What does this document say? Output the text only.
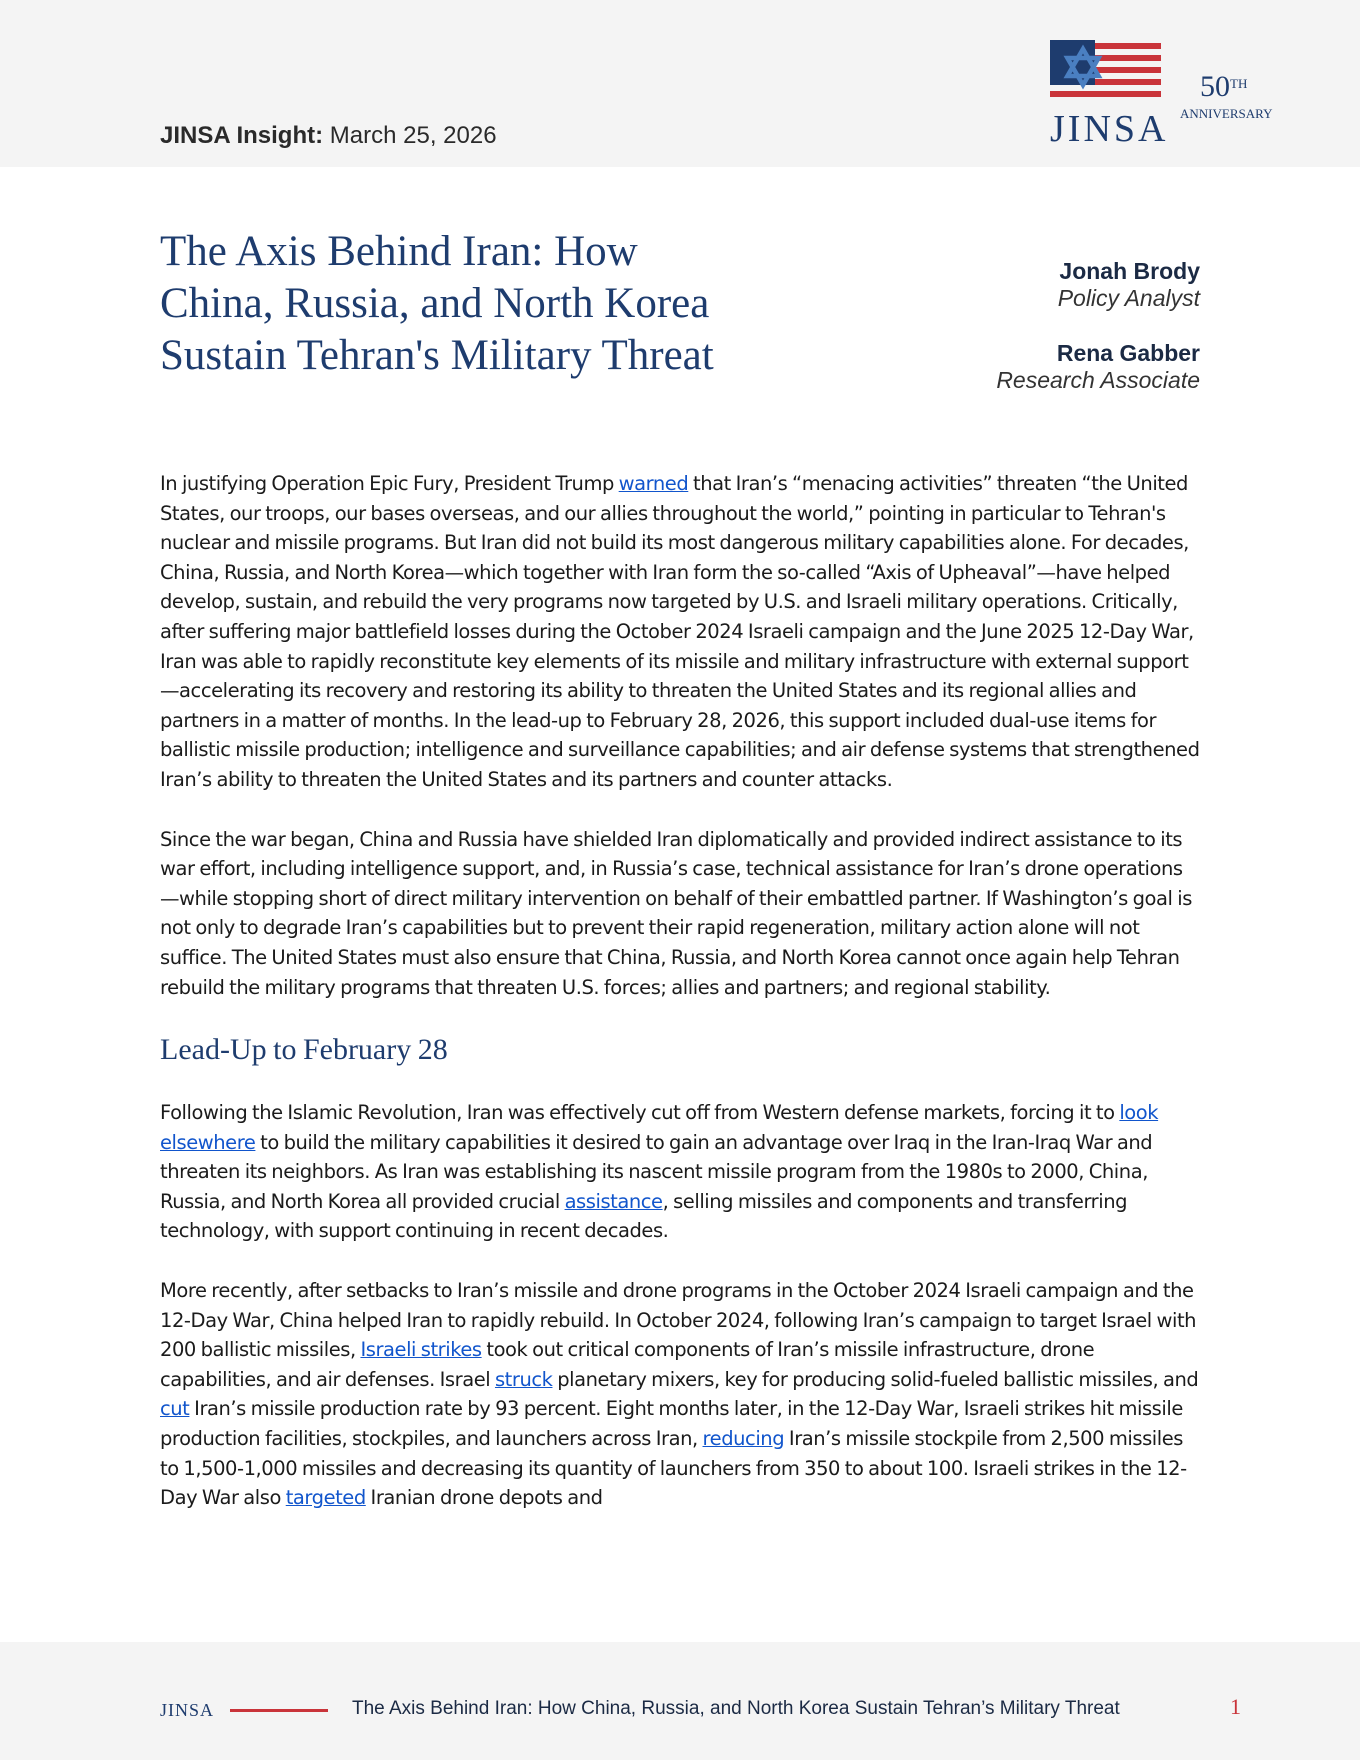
JINSA Insight: March 25, 2026	JINSA
50TH
ANNIVERSARY
The Axis Behind Iran: How China, Russia, and North Korea Sustain Tehran's Military Threat
Jonah Brody
Policy Analyst
Rena Gabber
Research Associate

In justifying Operation Epic Fury, President Trump warned that Iran’s “menacing activities” threaten “the United States, our troops, our bases overseas, and our allies throughout the world,” pointing in particular to Tehran's nuclear and missile programs. But Iran did not build its most dangerous military capabilities alone. For decades, China, Russia, and North Korea—which together with Iran form the so-called “Axis of Upheaval”—have helped develop, sustain, and rebuild the very programs now targeted by U.S. and Israeli military operations. Critically, after suffering major battlefield losses during the October 2024 Israeli campaign and the June 2025 12-Day War, Iran was able to rapidly reconstitute key elements of its missile and military infrastructure with external support—accelerating its recovery and restoring its ability to threaten the United States and its regional allies and partners in a matter of months. In the lead-up to February 28, 2026, this support included dual-use items for ballistic missile production; intelligence and surveillance capabilities; and air defense systems that strengthened Iran’s ability to threaten the United States and its partners and counter attacks.

Since the war began, China and Russia have shielded Iran diplomatically and provided indirect assistance to its war effort, including intelligence support, and, in Russia’s case, technical assistance for Iran’s drone operations—while stopping short of direct military intervention on behalf of their embattled partner. If Washington’s goal is not only to degrade Iran’s capabilities but to prevent their rapid regeneration, military action alone will not suffice. The United States must also ensure that China, Russia, and North Korea cannot once again help Tehran rebuild the military programs that threaten U.S. forces; allies and partners; and regional stability.

Lead-Up to February 28

Following the Islamic Revolution, Iran was effectively cut off from Western defense markets, forcing it to look elsewhere to build the military capabilities it desired to gain an advantage over Iraq in the Iran-Iraq War and threaten its neighbors. As Iran was establishing its nascent missile program from the 1980s to 2000, China, Russia, and North Korea all provided crucial assistance, selling missiles and components and transferring technology, with support continuing in recent decades.

More recently, after setbacks to Iran’s missile and drone programs in the October 2024 Israeli campaign and the 12-Day War, China helped Iran to rapidly rebuild. In October 2024, following Iran’s campaign to target Israel with 200 ballistic missiles, Israeli strikes took out critical components of Iran’s missile infrastructure, drone capabilities, and air defenses. Israel struck planetary mixers, key for producing solid-fueled ballistic missiles, and cut Iran’s missile production rate by 93 percent. Eight months later, in the 12-Day War, Israeli strikes hit missile production facilities, stockpiles, and launchers across Iran, reducing Iran’s missile stockpile from 2,500 missiles to 1,500-1,000 missiles and decreasing its quantity of launchers from 350 to about 100. Israeli strikes in the 12-Day War also targeted Iranian drone depots and

JINSA	The Axis Behind Iran: How China, Russia, and North Korea Sustain Tehran’s Military Threat	1
